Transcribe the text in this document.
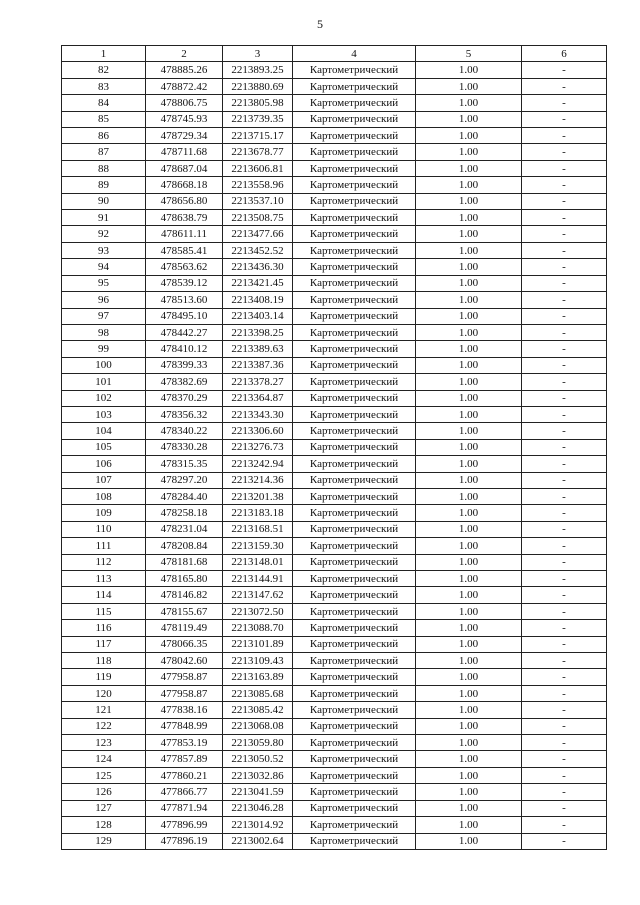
5
1	2	3	4	5	6
82	478885.26	2213893.25	Картометрический	1.00	-
83	478872.42	2213880.69	Картометрический	1.00	-
84	478806.75	2213805.98	Картометрический	1.00	-
85	478745.93	2213739.35	Картометрический	1.00	-
86	478729.34	2213715.17	Картометрический	1.00	-
87	478711.68	2213678.77	Картометрический	1.00	-
88	478687.04	2213606.81	Картометрический	1.00	-
89	478668.18	2213558.96	Картометрический	1.00	-
90	478656.80	2213537.10	Картометрический	1.00	-
91	478638.79	2213508.75	Картометрический	1.00	-
92	478611.11	2213477.66	Картометрический	1.00	-
93	478585.41	2213452.52	Картометрический	1.00	-
94	478563.62	2213436.30	Картометрический	1.00	-
95	478539.12	2213421.45	Картометрический	1.00	-
96	478513.60	2213408.19	Картометрический	1.00	-
97	478495.10	2213403.14	Картометрический	1.00	-
98	478442.27	2213398.25	Картометрический	1.00	-
99	478410.12	2213389.63	Картометрический	1.00	-
100	478399.33	2213387.36	Картометрический	1.00	-
101	478382.69	2213378.27	Картометрический	1.00	-
102	478370.29	2213364.87	Картометрический	1.00	-
103	478356.32	2213343.30	Картометрический	1.00	-
104	478340.22	2213306.60	Картометрический	1.00	-
105	478330.28	2213276.73	Картометрический	1.00	-
106	478315.35	2213242.94	Картометрический	1.00	-
107	478297.20	2213214.36	Картометрический	1.00	-
108	478284.40	2213201.38	Картометрический	1.00	-
109	478258.18	2213183.18	Картометрический	1.00	-
110	478231.04	2213168.51	Картометрический	1.00	-
111	478208.84	2213159.30	Картометрический	1.00	-
112	478181.68	2213148.01	Картометрический	1.00	-
113	478165.80	2213144.91	Картометрический	1.00	-
114	478146.82	2213147.62	Картометрический	1.00	-
115	478155.67	2213072.50	Картометрический	1.00	-
116	478119.49	2213088.70	Картометрический	1.00	-
117	478066.35	2213101.89	Картометрический	1.00	-
118	478042.60	2213109.43	Картометрический	1.00	-
119	477958.87	2213163.89	Картометрический	1.00	-
120	477958.87	2213085.68	Картометрический	1.00	-
121	477838.16	2213085.42	Картометрический	1.00	-
122	477848.99	2213068.08	Картометрический	1.00	-
123	477853.19	2213059.80	Картометрический	1.00	-
124	477857.89	2213050.52	Картометрический	1.00	-
125	477860.21	2213032.86	Картометрический	1.00	-
126	477866.77	2213041.59	Картометрический	1.00	-
127	477871.94	2213046.28	Картометрический	1.00	-
128	477896.99	2213014.92	Картометрический	1.00	-
129	477896.19	2213002.64	Картометрический	1.00	-
